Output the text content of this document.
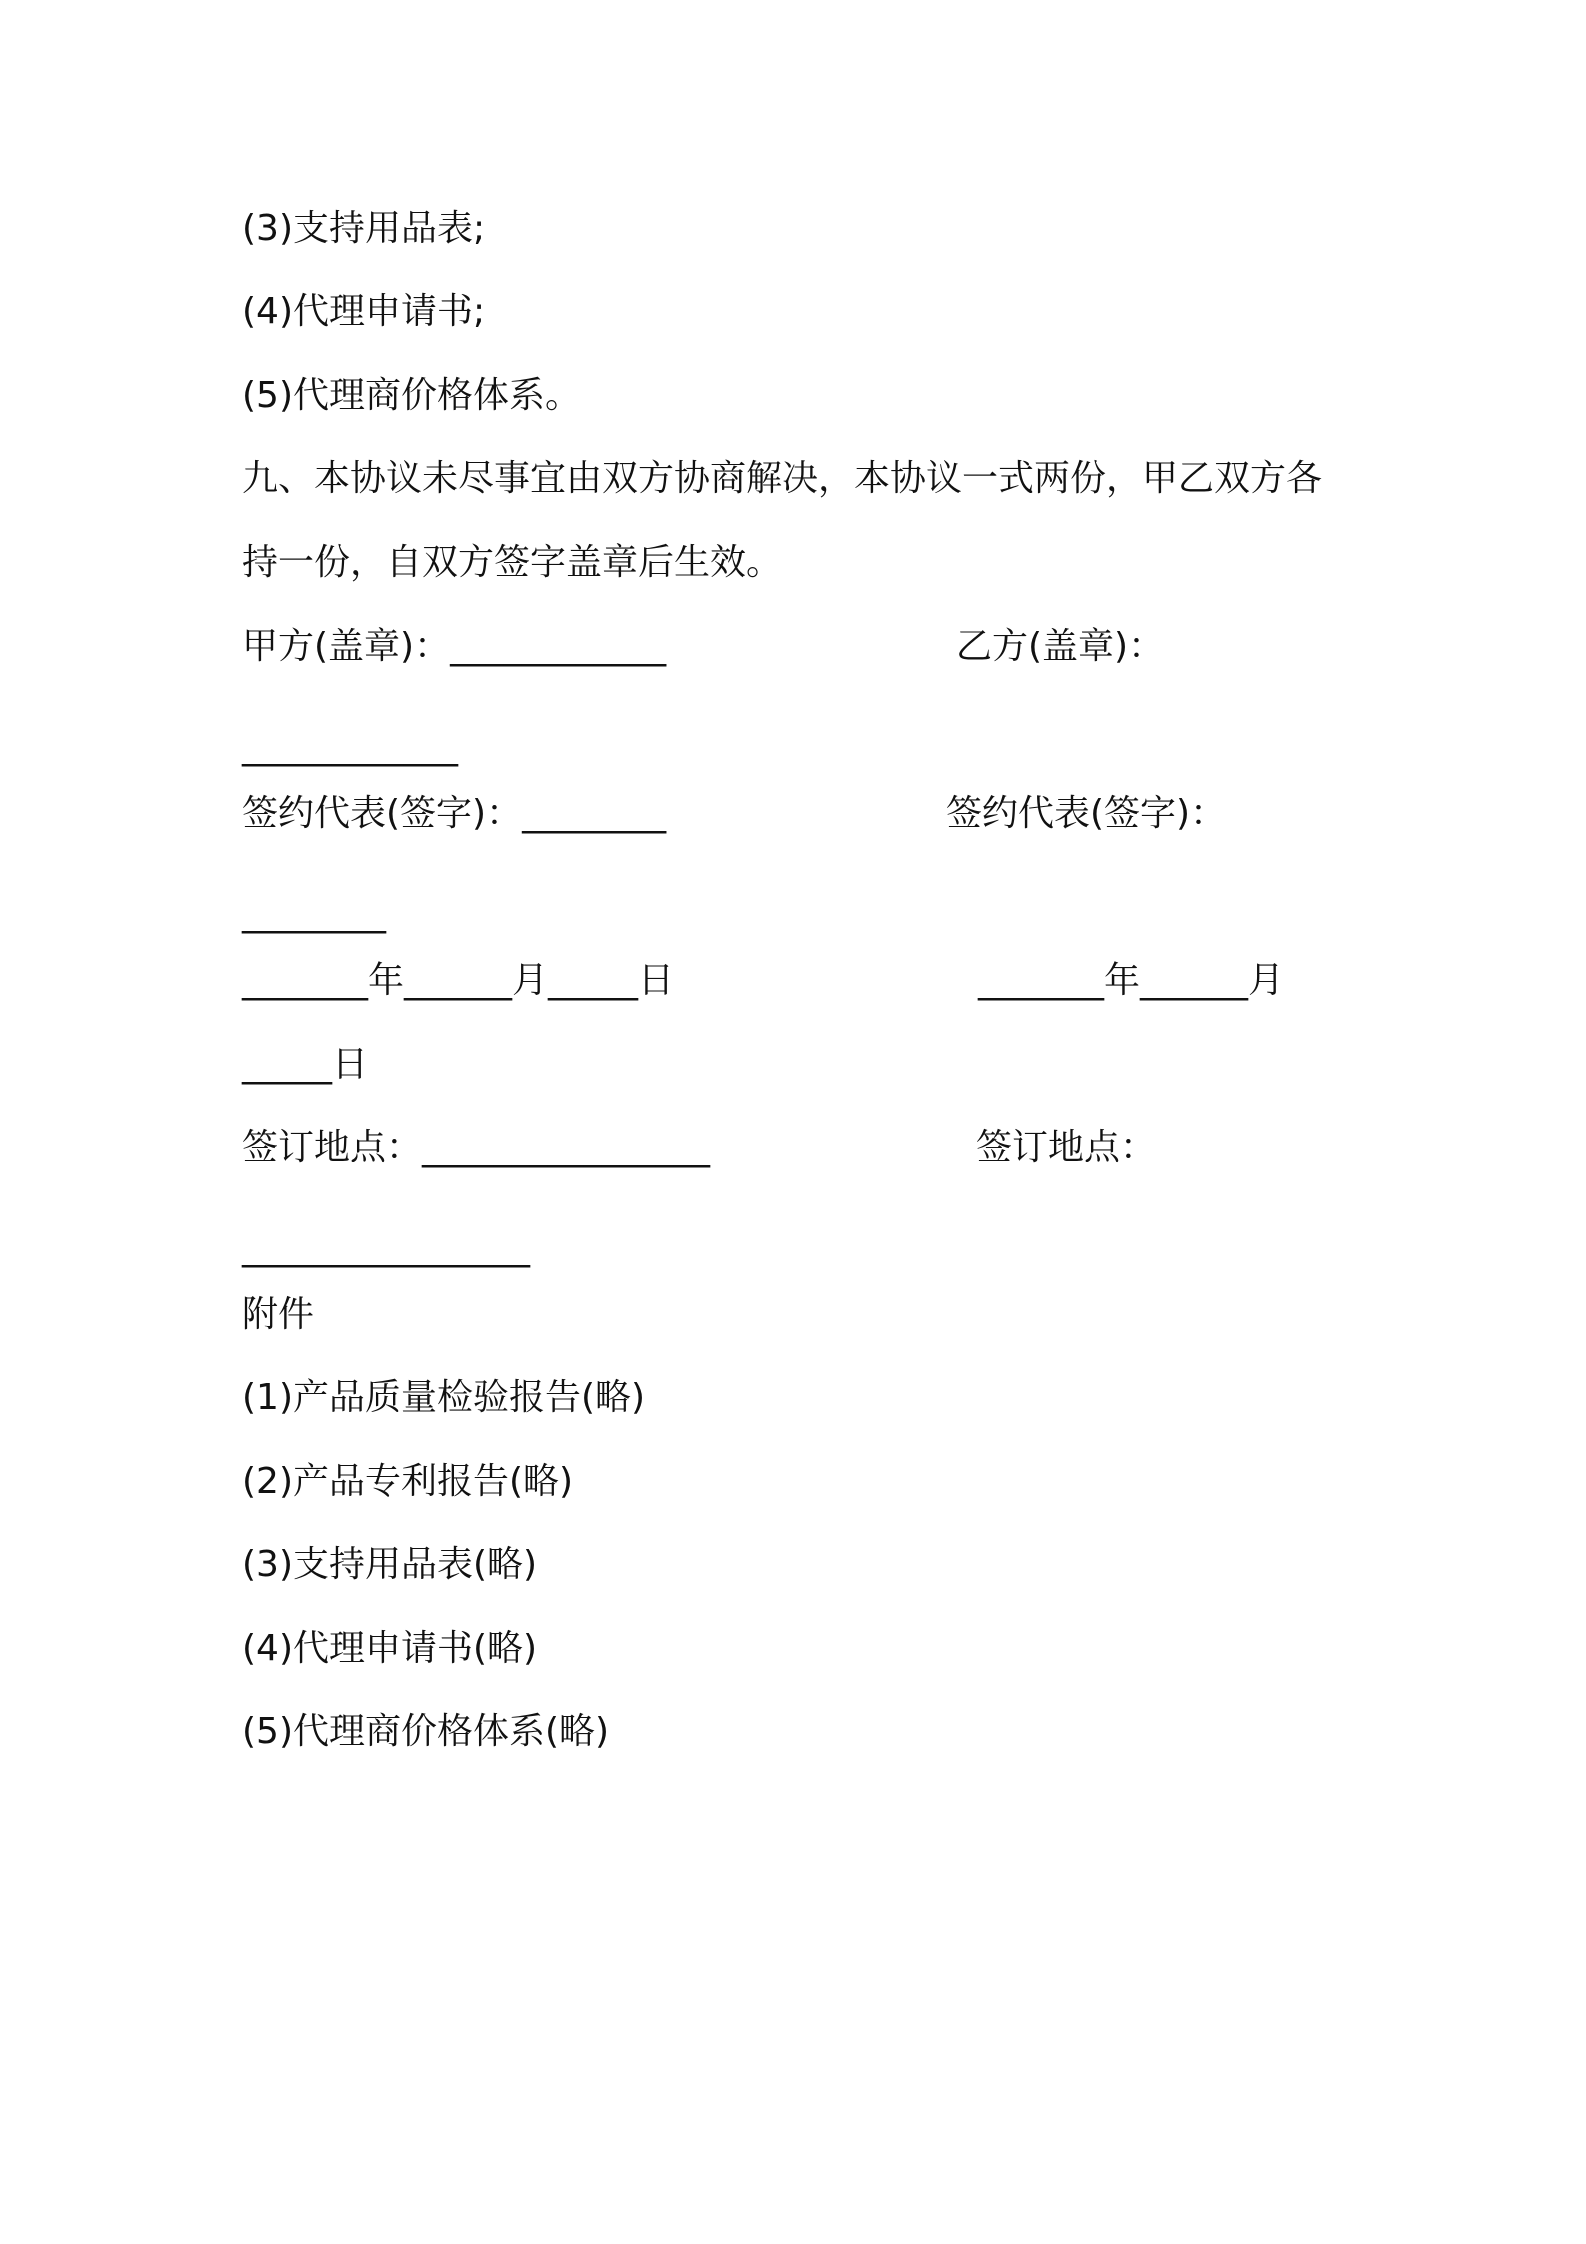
(3)支持用品表;
(4)代理申请书;
(5)代理商价格体系。
九、本协议未尽事宜由双方协商解决，本协议一式两份，甲乙双方各
持一份，自双方签字盖章后生效。
甲方(盖章)：____________	乙方(盖章)：
____________
签约代表(签字)：________	签约代表(签字)：
________
_______年______月_____日	_______年______月
_____日
签订地点：________________	签订地点：
________________
附件
(1)产品质量检验报告(略)
(2)产品专利报告(略)
(3)支持用品表(略)
(4)代理申请书(略)
(5)代理商价格体系(略)
